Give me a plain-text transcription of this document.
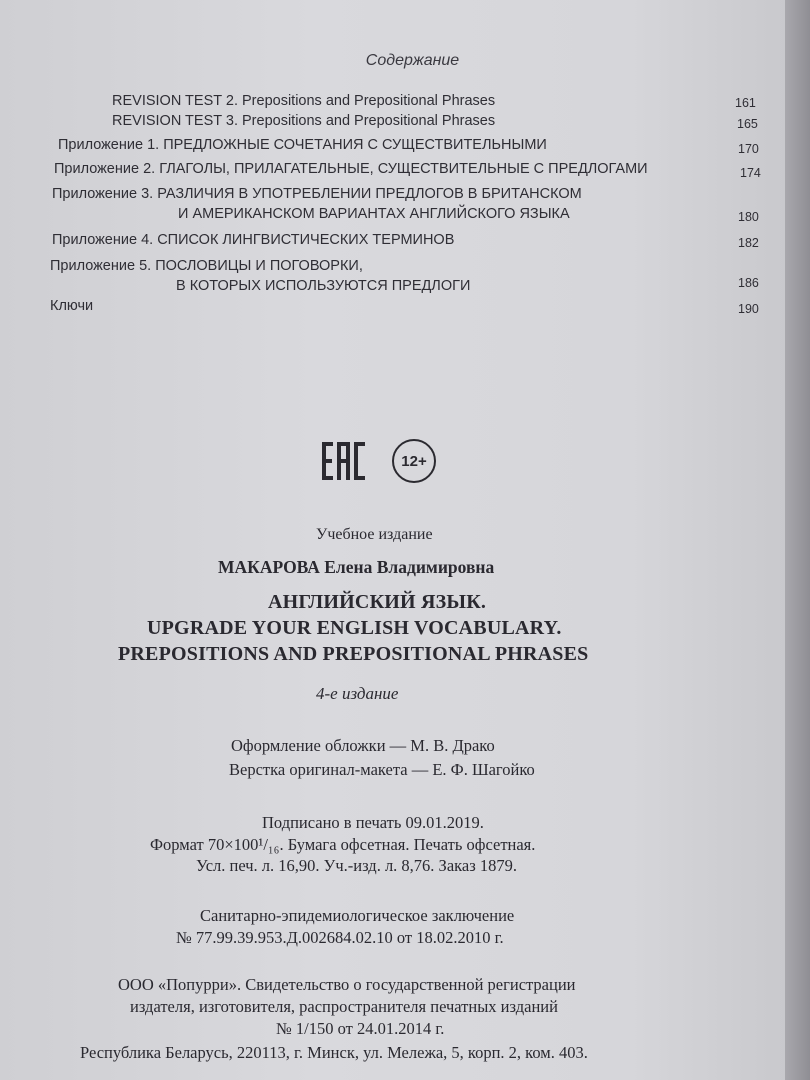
Содержание
REVISION TEST 2. Prepositions and Prepositional Phrases	161
REVISION TEST 3. Prepositions and Prepositional Phrases	165
Приложение 1. ПРЕДЛОЖНЫЕ СОЧЕТАНИЯ С СУЩЕСТВИТЕЛЬНЫМИ	170
Приложение 2. ГЛАГОЛЫ, ПРИЛАГАТЕЛЬНЫЕ, СУЩЕСТВИТЕЛЬНЫЕ С ПРЕДЛОГАМИ	174
Приложение 3. РАЗЛИЧИЯ В УПОТРЕБЛЕНИИ ПРЕДЛОГОВ В БРИТАНСКОМ
И АМЕРИКАНСКОМ ВАРИАНТАХ АНГЛИЙСКОГО ЯЗЫКА	180
Приложение 4. СПИСОК ЛИНГВИСТИЧЕСКИХ ТЕРМИНОВ	182
Приложение 5. ПОСЛОВИЦЫ И ПОГОВОРКИ,
В КОТОРЫХ ИСПОЛЬЗУЮТСЯ ПРЕДЛОГИ	186
Ключи	190
12+
Учебное издание
МАКАРОВА Елена Владимировна
АНГЛИЙСКИЙ ЯЗЫК.
UPGRADE YOUR ENGLISH VOCABULARY.
PREPOSITIONS AND PREPOSITIONAL PHRASES
4-е издание
Оформление обложки — М. В. Драко
Верстка оригинал-макета — Е. Ф. Шагойко
Подписано в печать 09.01.2019.
Формат 70×100¹/₁₆. Бумага офсетная. Печать офсетная.
Усл. печ. л. 16,90. Уч.-изд. л. 8,76. Заказ 1879.
Санитарно-эпидемиологическое заключение
№ 77.99.39.953.Д.002684.02.10 от 18.02.2010 г.
ООО «Попурри». Свидетельство о государственной регистрации
издателя, изготовителя, распространителя печатных изданий
№ 1/150 от 24.01.2014 г.
Республика Беларусь, 220113, г. Минск, ул. Мележа, 5, корп. 2, ком. 403.
